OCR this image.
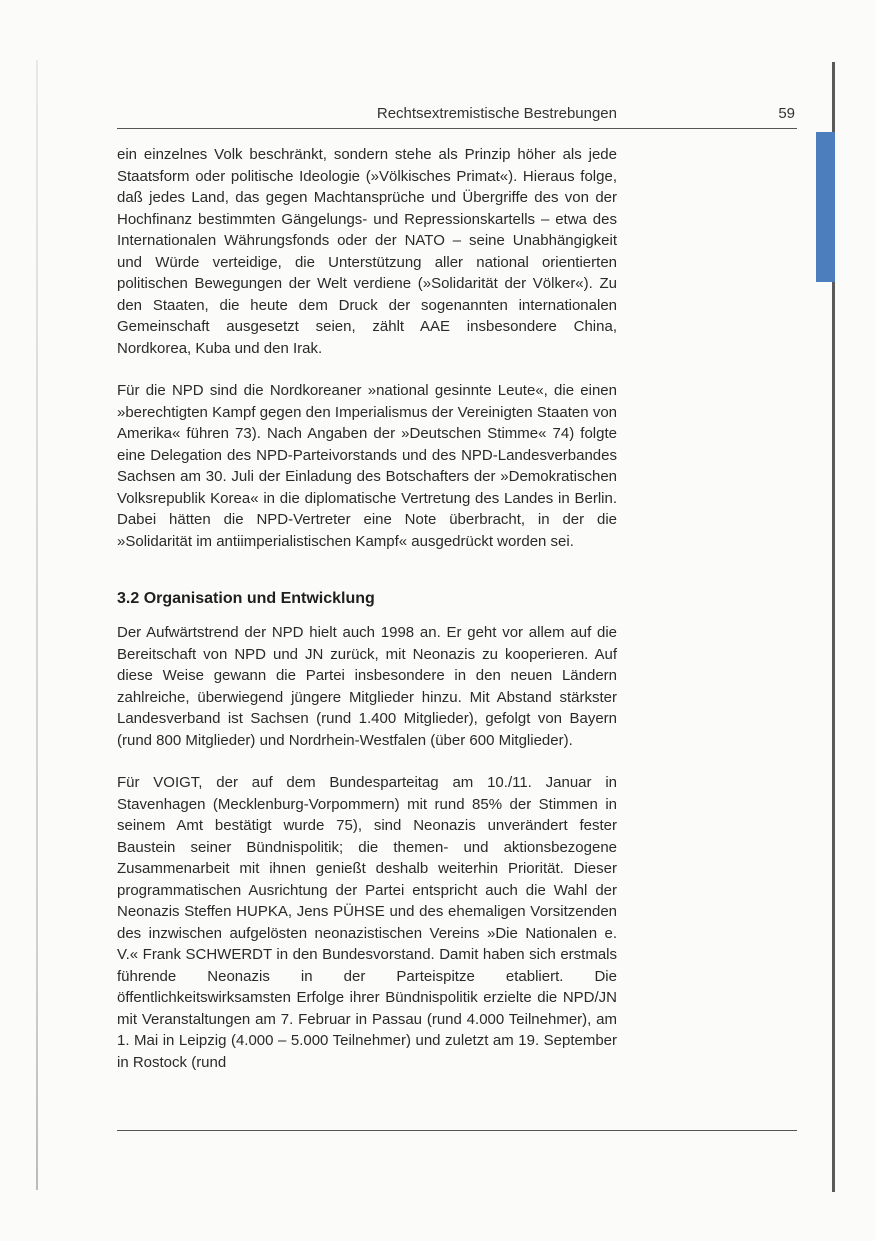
Rechtsextremistische Bestrebungen	59

ein einzelnes Volk beschränkt, sondern stehe als Prinzip höher als jede Staatsform oder politische Ideologie (»Völkisches Primat«). Hieraus folge, daß jedes Land, das gegen Machtansprüche und Übergriffe des von der Hochfinanz bestimmten Gängelungs- und Repressionskartells – etwa des Internationalen Währungsfonds oder der NATO – seine Unabhängigkeit und Würde verteidige, die Unterstützung aller national orientierten politischen Bewegungen der Welt verdiene (»Solidarität der Völker«). Zu den Staaten, die heute dem Druck der sogenannten internationalen Gemeinschaft ausgesetzt seien, zählt AAE insbesondere China, Nordkorea, Kuba und den Irak.

Für die NPD sind die Nordkoreaner »national gesinnte Leute«, die einen »berechtigten Kampf gegen den Imperialismus der Vereinigten Staaten von Amerika« führen 73). Nach Angaben der »Deutschen Stimme« 74) folgte eine Delegation des NPD-Parteivorstands und des NPD-Landesverbandes Sachsen am 30. Juli der Einladung des Botschafters der »Demokratischen Volksrepublik Korea« in die diplomatische Vertretung des Landes in Berlin. Dabei hätten die NPD-Vertreter eine Note überbracht, in der die »Solidarität im antiimperialistischen Kampf« ausgedrückt worden sei.

3.2 Organisation und Entwicklung

Der Aufwärtstrend der NPD hielt auch 1998 an. Er geht vor allem auf die Bereitschaft von NPD und JN zurück, mit Neonazis zu kooperieren. Auf diese Weise gewann die Partei insbesondere in den neuen Ländern zahlreiche, überwiegend jüngere Mitglieder hinzu. Mit Abstand stärkster Landesverband ist Sachsen (rund 1.400 Mitglieder), gefolgt von Bayern (rund 800 Mitglieder) und Nordrhein-Westfalen (über 600 Mitglieder).

Für VOIGT, der auf dem Bundesparteitag am 10./11. Januar in Stavenhagen (Mecklenburg-Vorpommern) mit rund 85% der Stimmen in seinem Amt bestätigt wurde 75), sind Neonazis unverändert fester Baustein seiner Bündnispolitik; die themen- und aktionsbezogene Zusammenarbeit mit ihnen genießt deshalb weiterhin Priorität. Dieser programmatischen Ausrichtung der Partei entspricht auch die Wahl der Neonazis Steffen HUPKA, Jens PÜHSE und des ehemaligen Vorsitzenden des inzwischen aufgelösten neonazistischen Vereins »Die Nationalen e. V.« Frank SCHWERDT in den Bundesvorstand. Damit haben sich erstmals führende Neonazis in der Parteispitze etabliert. Die öffentlichkeitswirksamsten Erfolge ihrer Bündnispolitik erzielte die NPD/JN mit Veranstaltungen am 7. Februar in Passau (rund 4.000 Teilnehmer), am 1. Mai in Leipzig (4.000 – 5.000 Teilnehmer) und zuletzt am 19. September in Rostock (rund
